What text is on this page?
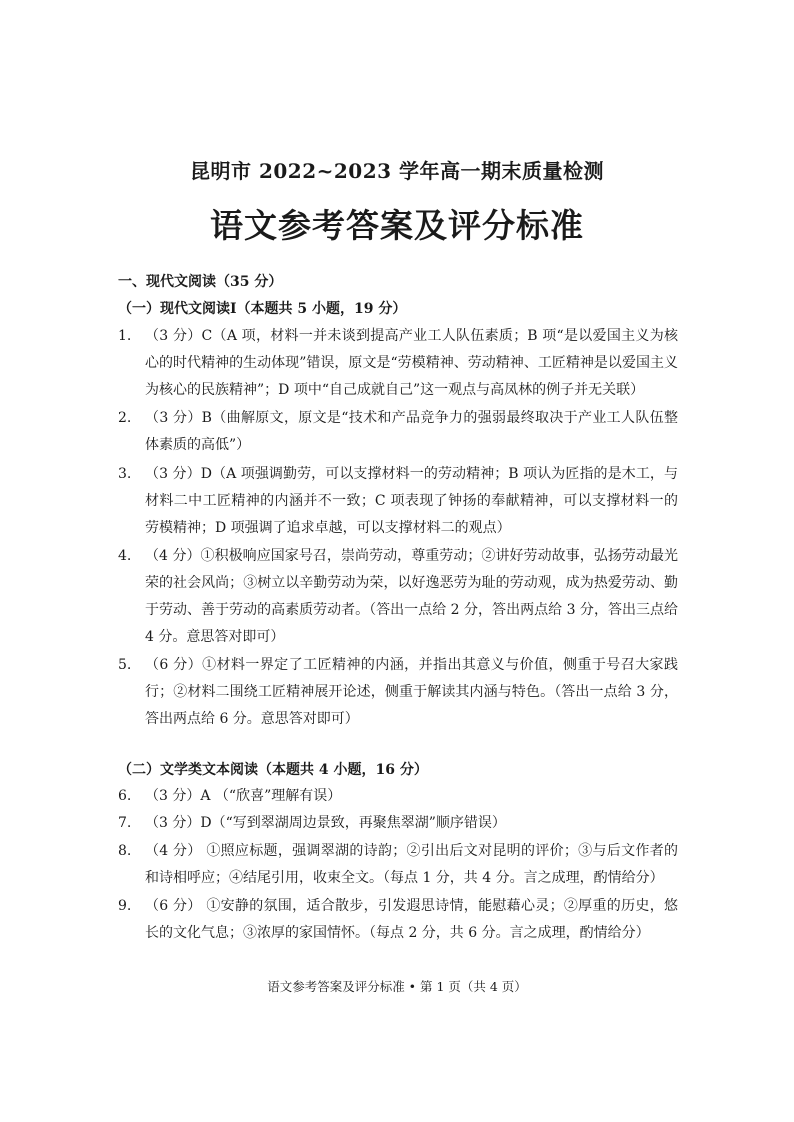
昆明市 2022~2023 学年高一期末质量检测
语文参考答案及评分标准
一、现代文阅读（35 分）
（一）现代文阅读Ⅰ（本题共 5 小题，19 分）
1. （3 分）C（A 项，材料一并未谈到提高产业工人队伍素质；B 项“是以爱国主义为核心的时代精神的生动体现”错误，原文是“劳模精神、劳动精神、工匠精神是以爱国主义为核心的民族精神”；D 项中“自己成就自己”这一观点与高凤林的例子并无关联）
2. （3 分）B（曲解原文，原文是“技术和产品竞争力的强弱最终取决于产业工人队伍整体素质的高低”）
3. （3 分）D（A 项强调勤劳，可以支撑材料一的劳动精神；B 项认为匠指的是木工，与材料二中工匠精神的内涵并不一致；C 项表现了钟扬的奉献精神，可以支撑材料一的劳模精神；D 项强调了追求卓越，可以支撑材料二的观点）
4. （4 分）①积极响应国家号召，崇尚劳动，尊重劳动；②讲好劳动故事，弘扬劳动最光荣的社会风尚；③树立以辛勤劳动为荣，以好逸恶劳为耻的劳动观，成为热爱劳动、勤于劳动、善于劳动的高素质劳动者。（答出一点给 2 分，答出两点给 3 分，答出三点给 4 分。意思答对即可）
5. （6 分）①材料一界定了工匠精神的内涵，并指出其意义与价值，侧重于号召大家践行；②材料二围绕工匠精神展开论述，侧重于解读其内涵与特色。（答出一点给 3 分，答出两点给 6 分。意思答对即可）
（二）文学类文本阅读（本题共 4 小题，16 分）
6. （3 分）A （“欣喜”理解有误）
7. （3 分）D（“写到翠湖周边景致，再聚焦翠湖”顺序错误）
8. （4 分） ①照应标题，强调翠湖的诗韵；②引出后文对昆明的评价；③与后文作者的和诗相呼应；④结尾引用，收束全文。（每点 1 分，共 4 分。言之成理，酌情给分）
9. （6 分） ①安静的氛围，适合散步，引发遐思诗情，能慰藉心灵；②厚重的历史，悠长的文化气息；③浓厚的家国情怀。（每点 2 分，共 6 分。言之成理，酌情给分）
语文参考答案及评分标准 • 第 1 页（共 4 页）
